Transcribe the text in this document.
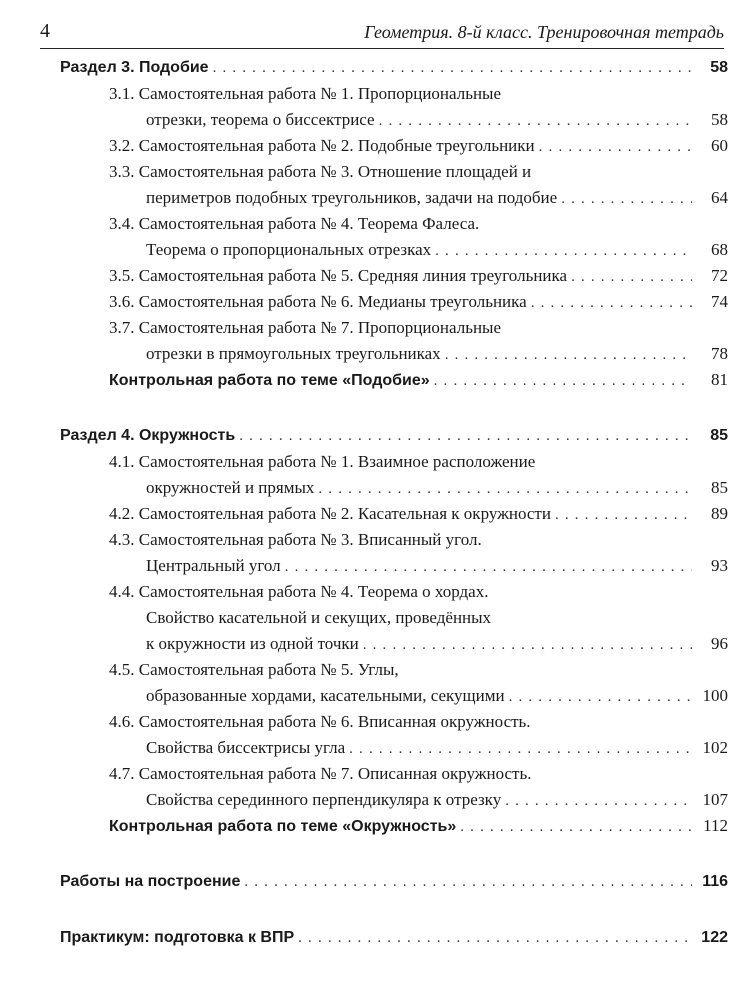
4	Геометрия. 8-й класс. Тренировочная тетрадь
Раздел 3. Подобие . . .	58
3.1. Самостоятельная работа № 1. Пропорциональные
отрезки, теорема о биссектрисе . . .	58
3.2. Самостоятельная работа № 2. Подобные треугольники . . .	60
3.3. Самостоятельная работа № 3. Отношение площадей и
периметров подобных треугольников, задачи на подобие . . .	64
3.4. Самостоятельная работа № 4. Теорема Фалеса.
Теорема о пропорциональных отрезках . . .	68
3.5. Самостоятельная работа № 5. Средняя линия треугольника . . .	72
3.6. Самостоятельная работа № 6. Медианы треугольника . . .	74
3.7. Самостоятельная работа № 7. Пропорциональные
отрезки в прямоугольных треугольниках . . .	78
Контрольная работа по теме «Подобие» . . .	81
Раздел 4. Окружность . . .	85
4.1. Самостоятельная работа № 1. Взаимное расположение
окружностей и прямых . . .	85
4.2. Самостоятельная работа № 2. Касательная к окружности . . .	89
4.3. Самостоятельная работа № 3. Вписанный угол.
Центральный угол . . .	93
4.4. Самостоятельная работа № 4. Теорема о хордах.
Свойство касательной и секущих, проведённых
к окружности из одной точки . . .	96
4.5. Самостоятельная работа № 5. Углы,
образованные хордами, касательными, секущими . . .	100
4.6. Самостоятельная работа № 6. Вписанная окружность.
Свойства биссектрисы угла . . .	102
4.7. Самостоятельная работа № 7. Описанная окружность.
Свойства серединного перпендикуляра к отрезку . . .	107
Контрольная работа по теме «Окружность» . . .	112
Работы на построение . . .	116
Практикум: подготовка к ВПР . . .	122
